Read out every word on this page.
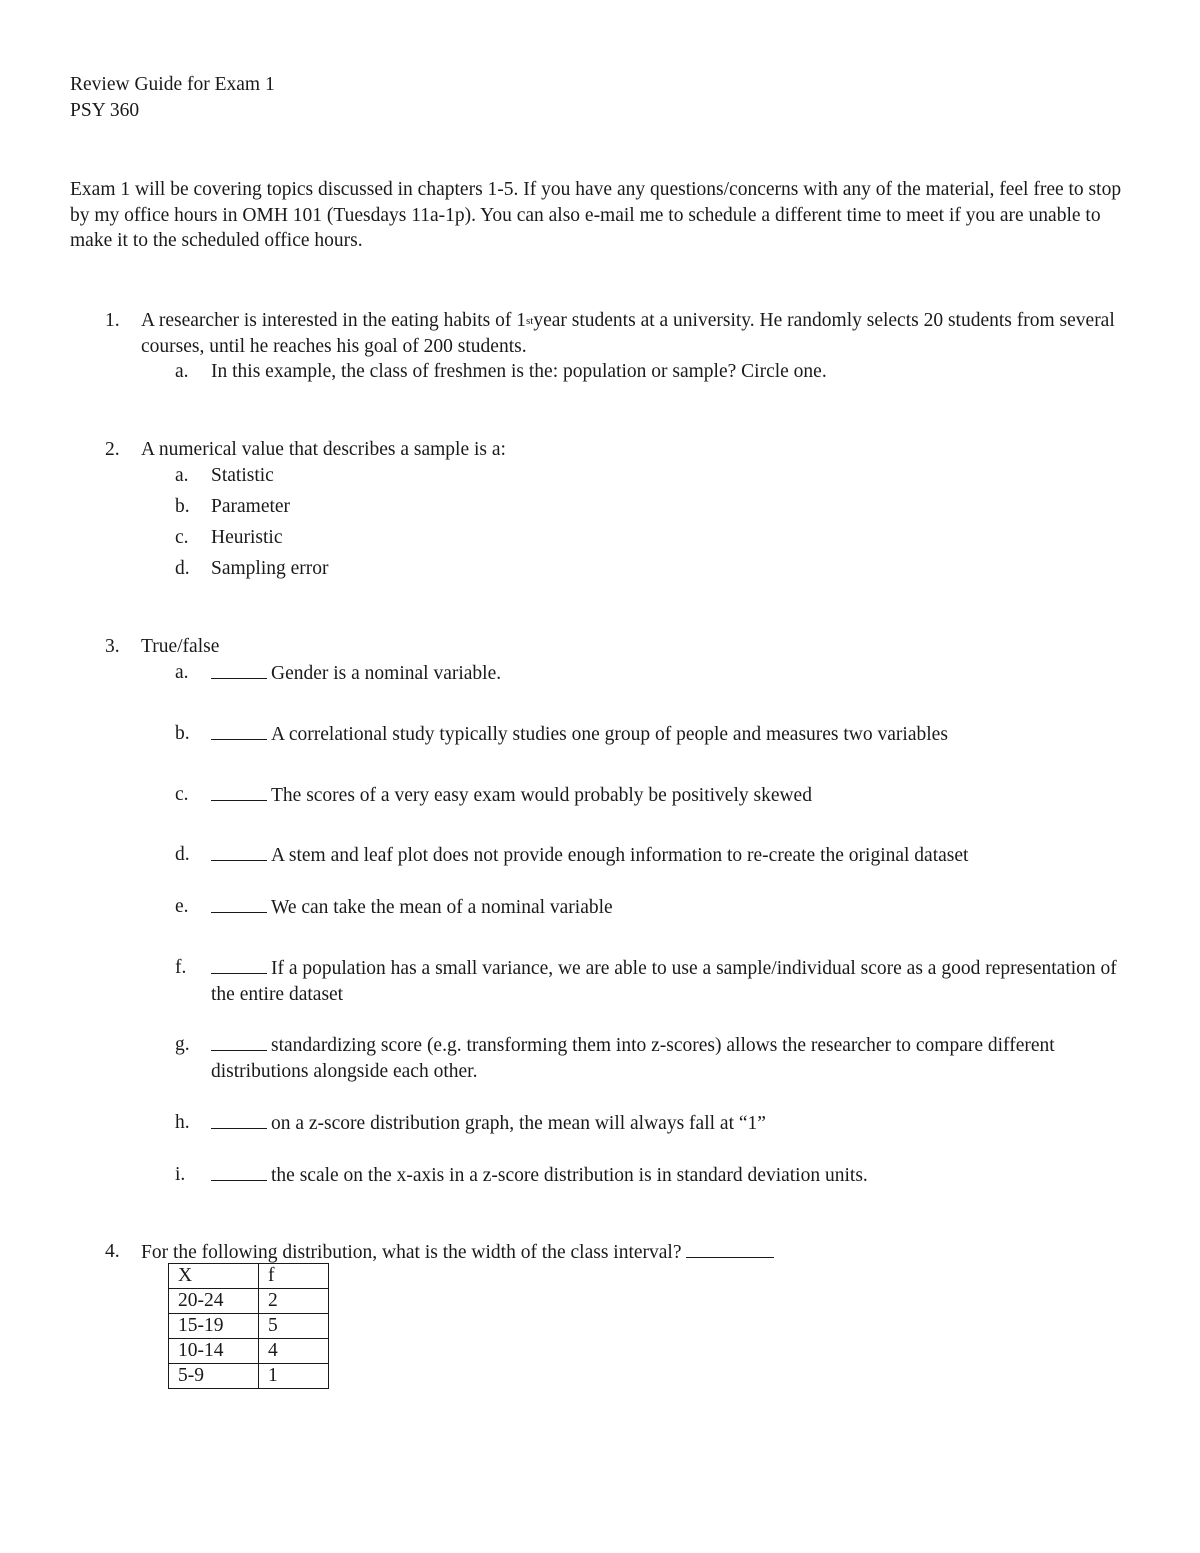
Review Guide for Exam 1
PSY 360
Exam 1 will be covering topics discussed in chapters 1-5. If you have any questions/concerns with any of the material, feel free to stop by my office hours in OMH 101 (Tuesdays 11a-1p). You can also e-mail me to schedule a different time to meet if you are unable to make it to the scheduled office hours.
1.	A researcher is interested in the eating habits of 1styear students at a university. He randomly selects 20 students from several courses, until he reaches his goal of 200 students.
a.	In this example, the class of freshmen is the: population or sample? Circle one.
2.	A numerical value that describes a sample is a:
a.	Statistic
b.	Parameter
c.	Heuristic
d.	Sampling error
3.	True/false
a.	Gender is a nominal variable.
b.	A correlational study typically studies one group of people and measures two variables
c.	The scores of a very easy exam would probably be positively skewed
d.	A stem and leaf plot does not provide enough information to re-create the original dataset
e.	We can take the mean of a nominal variable
f.	If a population has a small variance, we are able to use a sample/individual score as a good representation of the entire dataset
g.	standardizing score (e.g. transforming them into z-scores) allows the researcher to compare different distributions alongside each other.
h.	on a z-score distribution graph, the mean will always fall at “1”
i.	the scale on the x-axis in a z-score distribution is in standard deviation units.
4.	For the following distribution, what is the width of the class interval?
X	f
20-24	2
15-19	5
10-14	4
5-9	1
